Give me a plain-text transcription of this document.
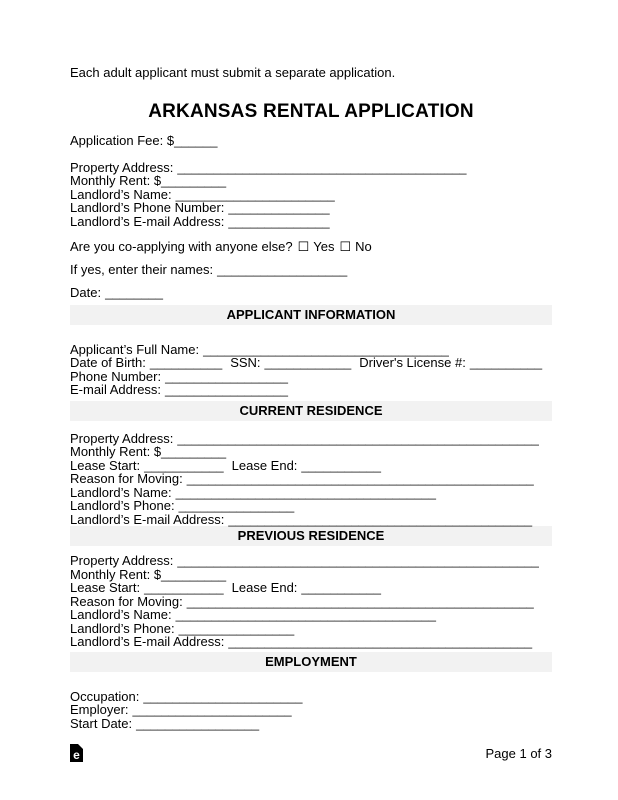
Each adult applicant must submit a separate application.
ARKANSAS RENTAL APPLICATION
Application Fee: $______
Property Address: ________________________________________
Monthly Rent: $_________
Landlord’s Name: ______________________
Landlord’s Phone Number: ______________
Landlord’s E-mail Address: ______________
Are you co-applying with anyone else? ☐ Yes ☐ No
If yes, enter their names: __________________
Date: ________
APPLICANT INFORMATION
Applicant’s Full Name: __________________________________
Date of Birth: __________ SSN: ____________ Driver's License #: __________
Phone Number: _________________
E-mail Address: _________________
CURRENT RESIDENCE
Property Address: __________________________________________________
Monthly Rent: $_________
Lease Start: ___________ Lease End: ___________
Reason for Moving: ________________________________________________
Landlord’s Name: ____________________________________
Landlord’s Phone: ________________
Landlord’s E-mail Address: __________________________________________
PREVIOUS RESIDENCE
Property Address: __________________________________________________
Monthly Rent: $_________
Lease Start: ___________ Lease End: ___________
Reason for Moving: ________________________________________________
Landlord’s Name: ____________________________________
Landlord’s Phone: ________________
Landlord’s E-mail Address: __________________________________________
EMPLOYMENT
Occupation: ______________________
Employer: ______________________
Start Date: _________________
e	Page 1 of 3
